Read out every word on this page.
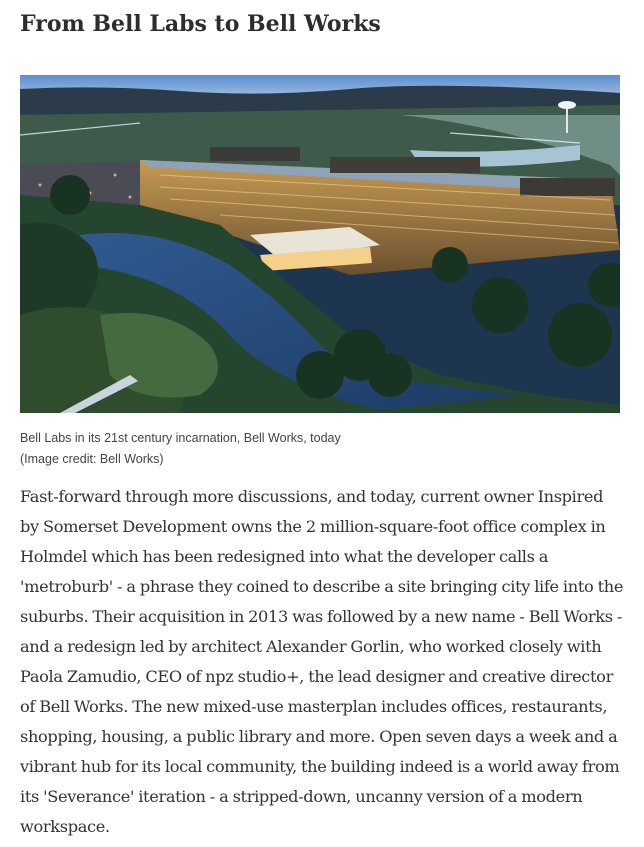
From Bell Labs to Bell Works
Bell Labs in its 21st century incarnation, Bell Works, today
(Image credit: Bell Works)

Fast-forward through more discussions, and today, current owner Inspired by Somerset Development owns the 2 million-square-foot office complex in Holmdel which has been redesigned into what the developer calls a 'metroburb' - a phrase they coined to describe a site bringing city life into the suburbs. Their acquisition in 2013 was followed by a new name - Bell Works - and a redesign led by architect Alexander Gorlin, who worked closely with Paola Zamudio, CEO of npz studio+, the lead designer and creative director of Bell Works. The new mixed-use masterplan includes offices, restaurants, shopping, housing, a public library and more. Open seven days a week and a vibrant hub for its local community, the building indeed is a world away from its 'Severance' iteration - a stripped-down, uncanny version of a modern workspace.
